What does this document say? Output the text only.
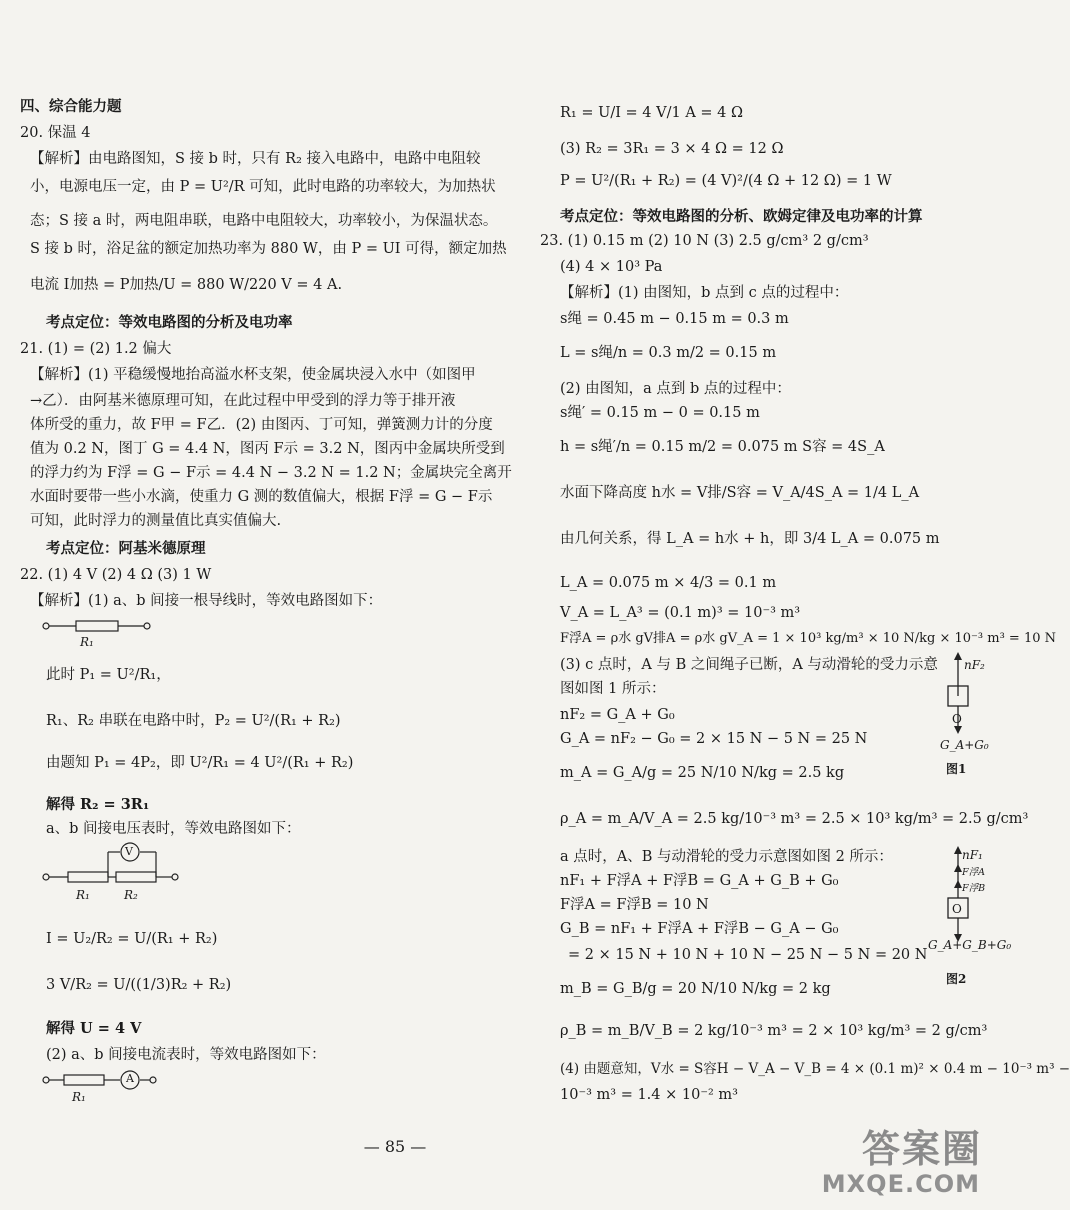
四、综合能力题
20. 保温 4
【解析】由电路图知，S 接 b 时，只有 R₂ 接入电路中，电路中电阻较
小，电源电压一定，由 P = U²/R 可知，此时电路的功率较大，为加热状
态；S 接 a 时，两电阻串联，电路中电阻较大，功率较小，为保温状态。
S 接 b 时，浴足盆的额定加热功率为 880 W，由 P = UI 可得，额定加热
电流 I加热 = P加热/U = 880 W/220 V = 4 A.
考点定位：等效电路图的分析及电功率
21. (1) = (2) 1.2 偏大
【解析】(1) 平稳缓慢地抬高溢水杯支架，使金属块浸入水中（如图甲
→乙）．由阿基米德原理可知，在此过程中甲受到的浮力等于排开液
体所受的重力，故 F甲 = F乙．(2) 由图丙、丁可知，弹簧测力计的分度
值为 0.2 N，图丁 G = 4.4 N，图丙 F示 = 3.2 N，图丙中金属块所受到
的浮力约为 F浮 = G − F示 = 4.4 N − 3.2 N = 1.2 N；金属块完全离开
水面时要带一些小水滴，使重力 G 测的数值偏大，根据 F浮 = G − F示
可知，此时浮力的测量值比真实值偏大.
考点定位：阿基米德原理
22. (1) 4 V (2) 4 Ω (3) 1 W
【解析】(1) a、b 间接一根导线时，等效电路图如下：
R₁
此时 P₁ = U²/R₁，
R₁、R₂ 串联在电路中时，P₂ = U²/(R₁ + R₂)
由题知 P₁ = 4P₂，即 U²/R₁ = 4 U²/(R₁ + R₂)
解得 R₂ = 3R₁
a、b 间接电压表时，等效电路图如下：
V
R₁	R₂
I = U₂/R₂ = U/(R₁ + R₂)
3 V/R₂ = U/((1/3)R₂ + R₂)
解得 U = 4 V
(2) a、b 间接电流表时，等效电路图如下：
A
R₁
R₁ = U/I = 4 V/1 A = 4 Ω
(3) R₂ = 3R₁ = 3 × 4 Ω = 12 Ω
P = U²/(R₁ + R₂) = (4 V)²/(4 Ω + 12 Ω) = 1 W
考点定位：等效电路图的分析、欧姆定律及电功率的计算
23. (1) 0.15 m (2) 10 N (3) 2.5 g/cm³ 2 g/cm³
(4) 4 × 10³ Pa
【解析】(1) 由图知，b 点到 c 点的过程中：
s绳 = 0.45 m − 0.15 m = 0.3 m
L = s绳/n = 0.3 m/2 = 0.15 m
(2) 由图知，a 点到 b 点的过程中：
s绳′ = 0.15 m − 0 = 0.15 m
h = s绳′/n = 0.15 m/2 = 0.075 m S容 = 4S_A
水面下降高度 h水 = V排/S容 = V_A/4S_A = 1/4 L_A
由几何关系，得 L_A = h水 + h，即 3/4 L_A = 0.075 m
L_A = 0.075 m × 4/3 = 0.1 m
V_A = L_A³ = (0.1 m)³ = 10⁻³ m³
F浮A = ρ水 gV排A = ρ水 gV_A = 1 × 10³ kg/m³ × 10 N/kg × 10⁻³ m³ = 10 N
(3) c 点时，A 与 B 之间绳子已断，A 与动滑轮的受力示意
图如图 1 所示：
nF₂ = G_A + G₀
G_A = nF₂ − G₀ = 2 × 15 N − 5 N = 25 N
m_A = G_A/g = 25 N/10 N/kg = 2.5 kg
ρ_A = m_A/V_A = 2.5 kg/10⁻³ m³ = 2.5 × 10³ kg/m³ = 2.5 g/cm³
a 点时，A、B 与动滑轮的受力示意图如图 2 所示：
nF₁ + F浮A + F浮B = G_A + G_B + G₀
F浮A = F浮B = 10 N
G_B = nF₁ + F浮A + F浮B − G_A − G₀
= 2 × 15 N + 10 N + 10 N − 25 N − 5 N = 20 N
m_B = G_B/g = 20 N/10 N/kg = 2 kg
ρ_B = m_B/V_B = 2 kg/10⁻³ m³ = 2 × 10³ kg/m³ = 2 g/cm³
(4) 由题意知，V水 = S容H − V_A − V_B = 4 × (0.1 m)² × 0.4 m − 10⁻³ m³ −
10⁻³ m³ = 1.4 × 10⁻² m³
O
nF₂
G_A+G₀
图1
O
nF₁
F浮A
F浮B
G_A+G_B+G₀
图2
— 85 —	答案圈
MXQE.COM
